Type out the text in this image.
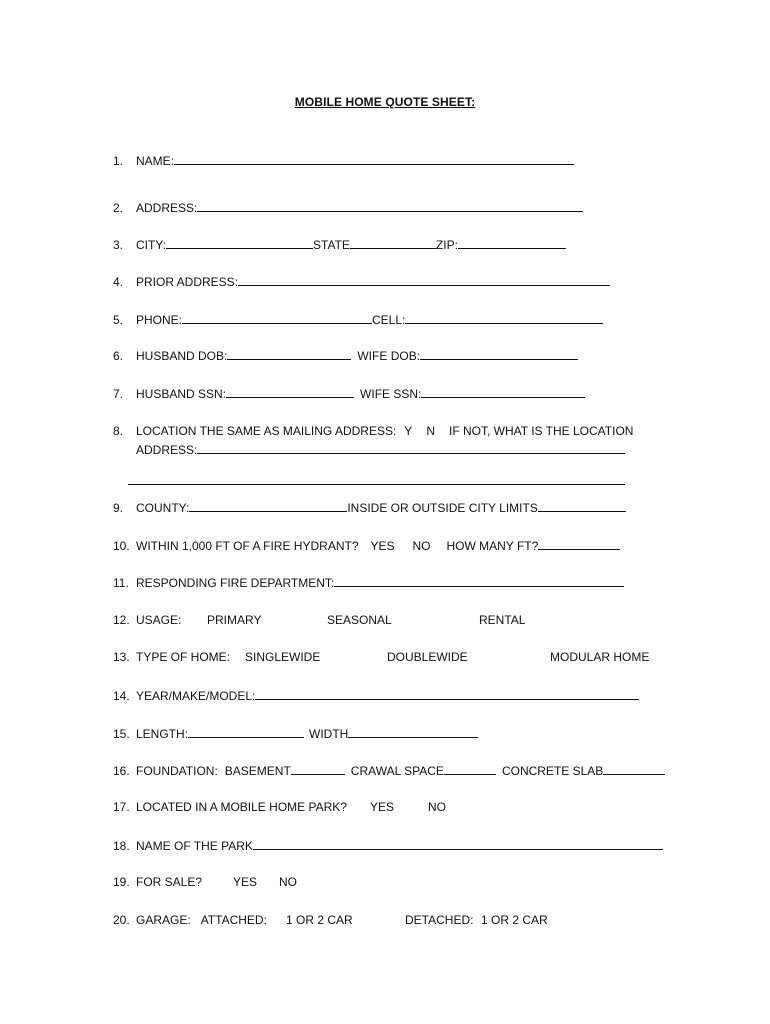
MOBILE HOME QUOTE SHEET:
1. NAME:
2. ADDRESS:
3. CITY:	STATE	ZIP:
4. PRIOR ADDRESS:
5. PHONE:	CELL:
6. HUSBAND DOB:	WIFE DOB:
7. HUSBAND SSN:	WIFE SSN:
8. LOCATION THE SAME AS MAILING ADDRESS: Y N IF NOT, WHAT IS THE LOCATION
ADDRESS:
9. COUNTY:	INSIDE OR OUTSIDE CITY LIMITS
10. WITHIN 1,000 FT OF A FIRE HYDRANT? YES NO HOW MANY FT?
11. RESPONDING FIRE DEPARTMENT:
12. USAGE: PRIMARY	SEASONAL	RENTAL
13. TYPE OF HOME: SINGLEWIDE	DOUBLEWIDE	MODULAR HOME
14. YEAR/MAKE/MODEL:
15. LENGTH:	WIDTH
16. FOUNDATION: BASEMENT	CRAWAL SPACE	CONCRETE SLAB
17. LOCATED IN A MOBILE HOME PARK? YES	NO
18. NAME OF THE PARK
19. FOR SALE?	YES NO
20. GARAGE: ATTACHED: 1 OR 2 CAR	DETACHED: 1 OR 2 CAR
